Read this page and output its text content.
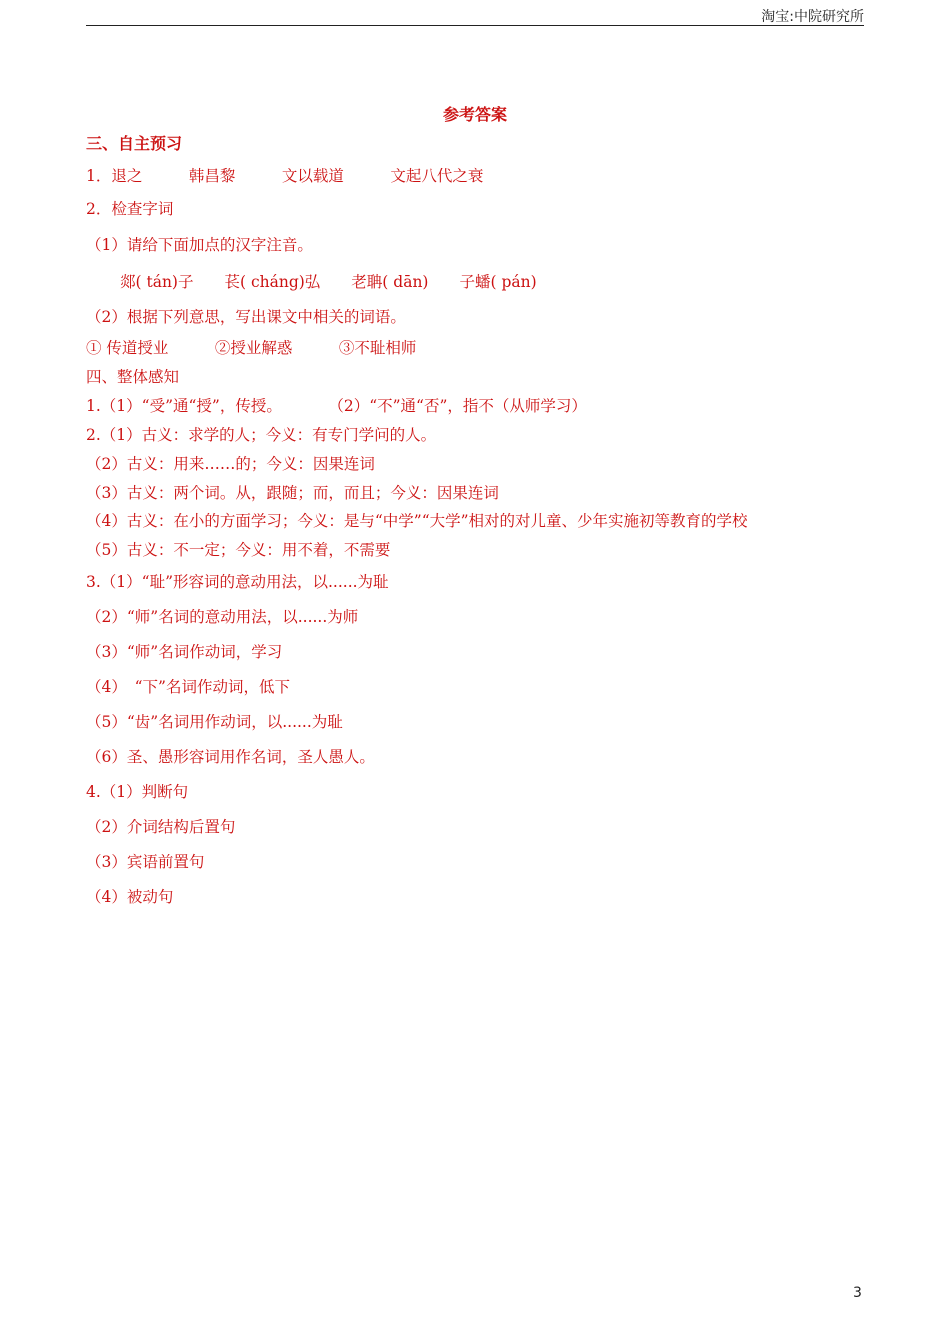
淘宝:中院研究所
参考答案
三、自主预习
1．退之　　　韩昌黎　　　文以载道　　　文起八代之衰
2．检查字词
（1）请给下面加点的汉字注音。
郯( tán)子　　苌( cháng)弘　　老聃( dān)　　子蟠( pán)
（2）根据下列意思，写出课文中相关的词语。
① 传道授业　　　②授业解惑　　　③不耻相师
四、整体感知
1.（1）“受”通“授”，传授。　　　　（2）“不”通“否”，指不（从师学习）
2.（1）古义：求学的人；今义：有专门学问的人。
（2）古义：用来……的；今义：因果连词
（3）古义：两个词。从，跟随；而，而且；今义：因果连词
（4）古义：在小的方面学习；今义：是与“中学”“大学”相对的对儿童、少年实施初等教育的学校
（5）古义：不一定；今义：用不着，不需要
3.（1）“耻”形容词的意动用法，以......为耻
（2）“师”名词的意动用法，以......为师
（3）“师”名词作动词，学习
（4）　“下”名词作动词，低下
（5）“齿”名词用作动词，以......为耻
（6）圣、愚形容词用作名词，圣人愚人。
4.（1）判断句
（2）介词结构后置句
（3）宾语前置句
（4）被动句
3
